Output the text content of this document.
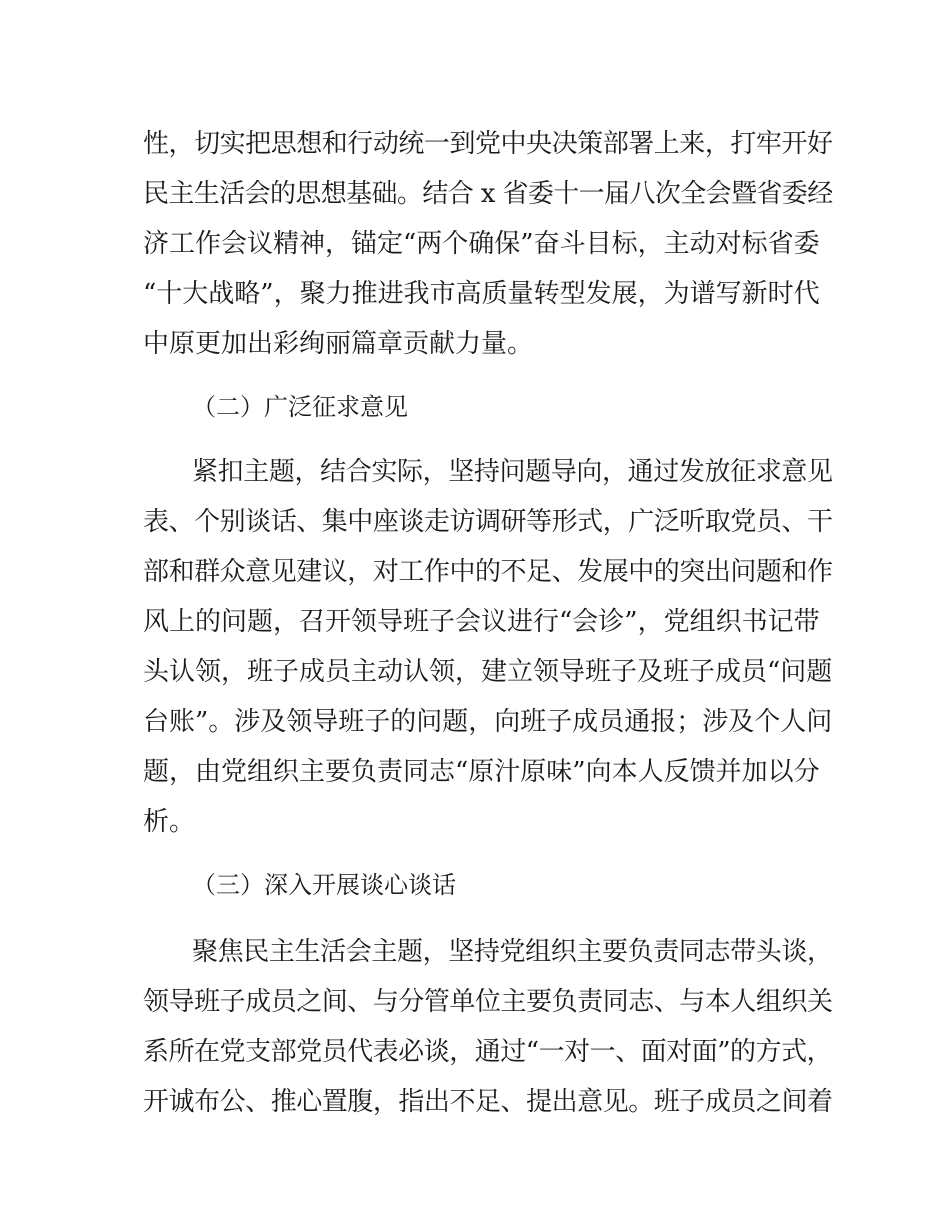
性，切实把思想和行动统一到党中央决策部署上来，打牢开好
民主生活会的思想基础。结合 x 省委十一届八次全会暨省委经
济工作会议精神，锚定“两个确保”奋斗目标，主动对标省委
“十大战略”，聚力推进我市高质量转型发展，为谱写新时代
中原更加出彩绚丽篇章贡献力量。
（二）广泛征求意见
紧扣主题，结合实际，坚持问题导向，通过发放征求意见
表、个别谈话、集中座谈走访调研等形式，广泛听取党员、干
部和群众意见建议，对工作中的不足、发展中的突出问题和作
风上的问题，召开领导班子会议进行“会诊”，党组织书记带
头认领，班子成员主动认领，建立领导班子及班子成员“问题
台账”。涉及领导班子的问题，向班子成员通报；涉及个人问
题，由党组织主要负责同志“原汁原味”向本人反馈并加以分
析。
（三）深入开展谈心谈话
聚焦民主生活会主题，坚持党组织主要负责同志带头谈，
领导班子成员之间、与分管单位主要负责同志、与本人组织关
系所在党支部党员代表必谈，通过“一对一、面对面”的方式，
开诚布公、推心置腹，指出不足、提出意见。班子成员之间着
